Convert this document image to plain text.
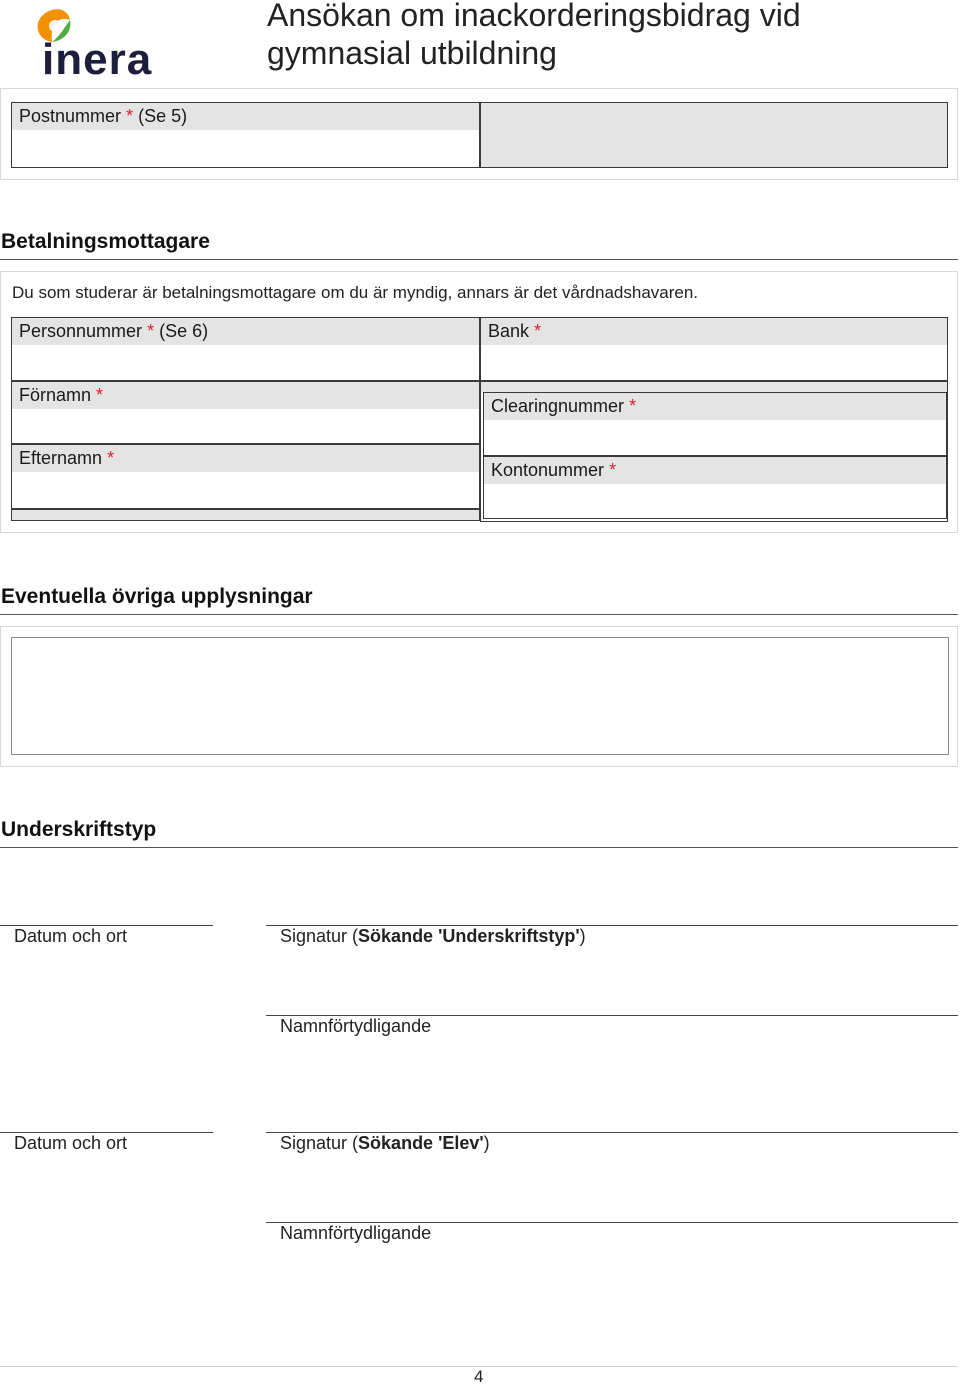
inera
Ansökan om inackorderingsbidrag vid gymnasial utbildning
Postnummer * (Se 5)
Betalningsmottagare
Du som studerar är betalningsmottagare om du är myndig, annars är det vårdnadshavaren.
Personnummer * (Se 6)
Förnamn *
Efternamn *
Bank *
Clearingnummer *
Kontonummer *
Eventuella övriga upplysningar
Underskriftstyp
Datum och ort	Signatur (Sökande 'Underskriftstyp')
Namnförtydligande
Datum och ort	Signatur (Sökande 'Elev')
Namnförtydligande
4
